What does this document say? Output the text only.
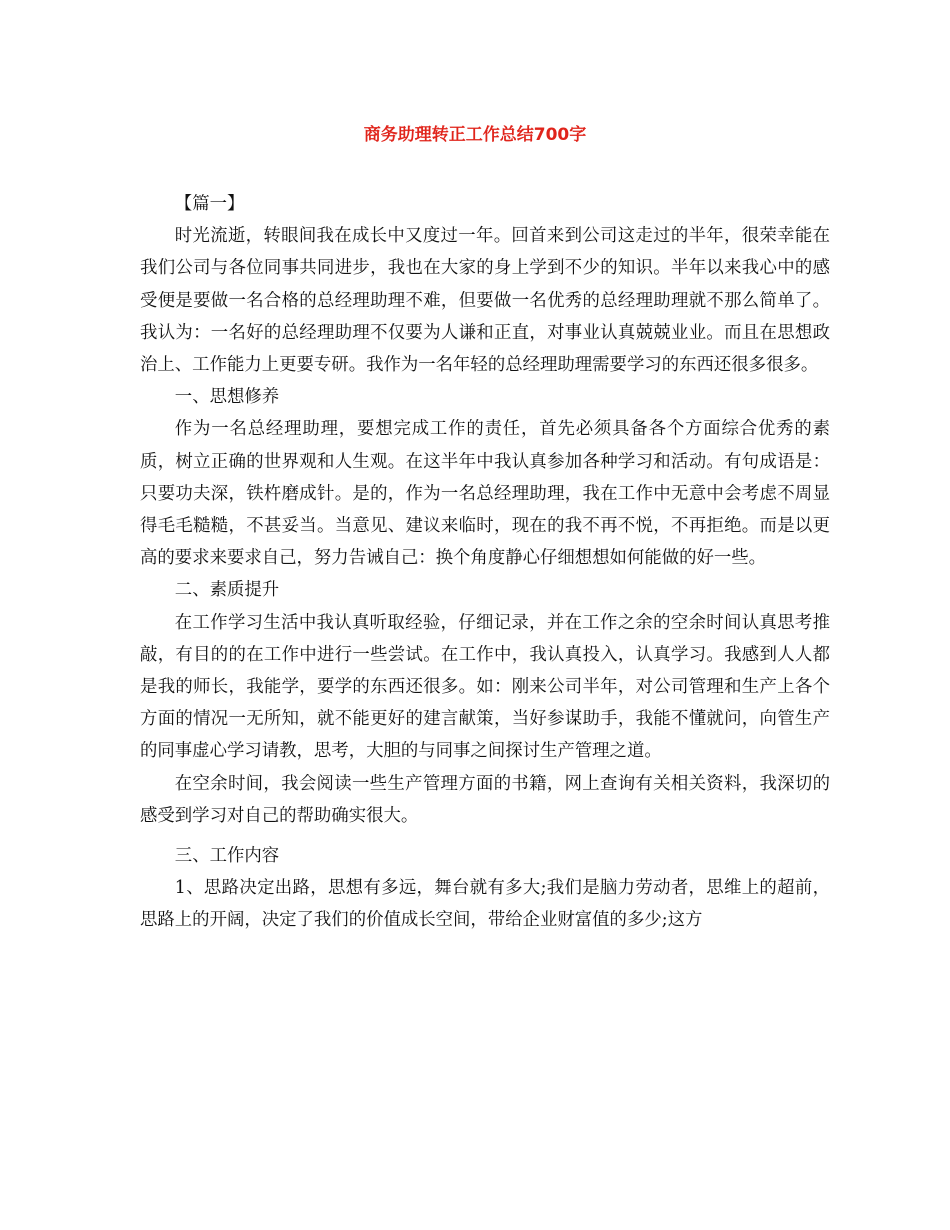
商务助理转正工作总结700字

【篇一】

时光流逝，转眼间我在成长中又度过一年。回首来到公司这走过的半年，很荣幸能在我们公司与各位同事共同进步，我也在大家的身上学到不少的知识。半年以来我心中的感受便是要做一名合格的总经理助理不难，但要做一名优秀的总经理助理就不那么简单了。我认为：一名好的总经理助理不仅要为人谦和正直，对事业认真兢兢业业。而且在思想政治上、工作能力上更要专研。我作为一名年轻的总经理助理需要学习的东西还很多很多。

一、思想修养

作为一名总经理助理，要想完成工作的责任，首先必须具备各个方面综合优秀的素质，树立正确的世界观和人生观。在这半年中我认真参加各种学习和活动。有句成语是：只要功夫深，铁杵磨成针。是的，作为一名总经理助理，我在工作中无意中会考虑不周显得毛毛糙糙，不甚妥当。当意见、建议来临时，现在的我不再不悦，不再拒绝。而是以更高的要求来要求自己，努力告诫自己：换个角度静心仔细想想如何能做的好一些。

二、素质提升

在工作学习生活中我认真听取经验，仔细记录，并在工作之余的空余时间认真思考推敲，有目的的在工作中进行一些尝试。在工作中，我认真投入，认真学习。我感到人人都是我的师长，我能学，要学的东西还很多。如：刚来公司半年，对公司管理和生产上各个方面的情况一无所知，就不能更好的建言献策，当好参谋助手，我能不懂就问，向管生产的同事虚心学习请教，思考，大胆的与同事之间探讨生产管理之道。

在空余时间，我会阅读一些生产管理方面的书籍，网上查询有关相关资料，我深切的感受到学习对自己的帮助确实很大。

三、工作内容

1、思路决定出路，思想有多远，舞台就有多大;我们是脑力劳动者，思维上的超前，思路上的开阔，决定了我们的价值成长空间，带给企业财富值的多少;这方
